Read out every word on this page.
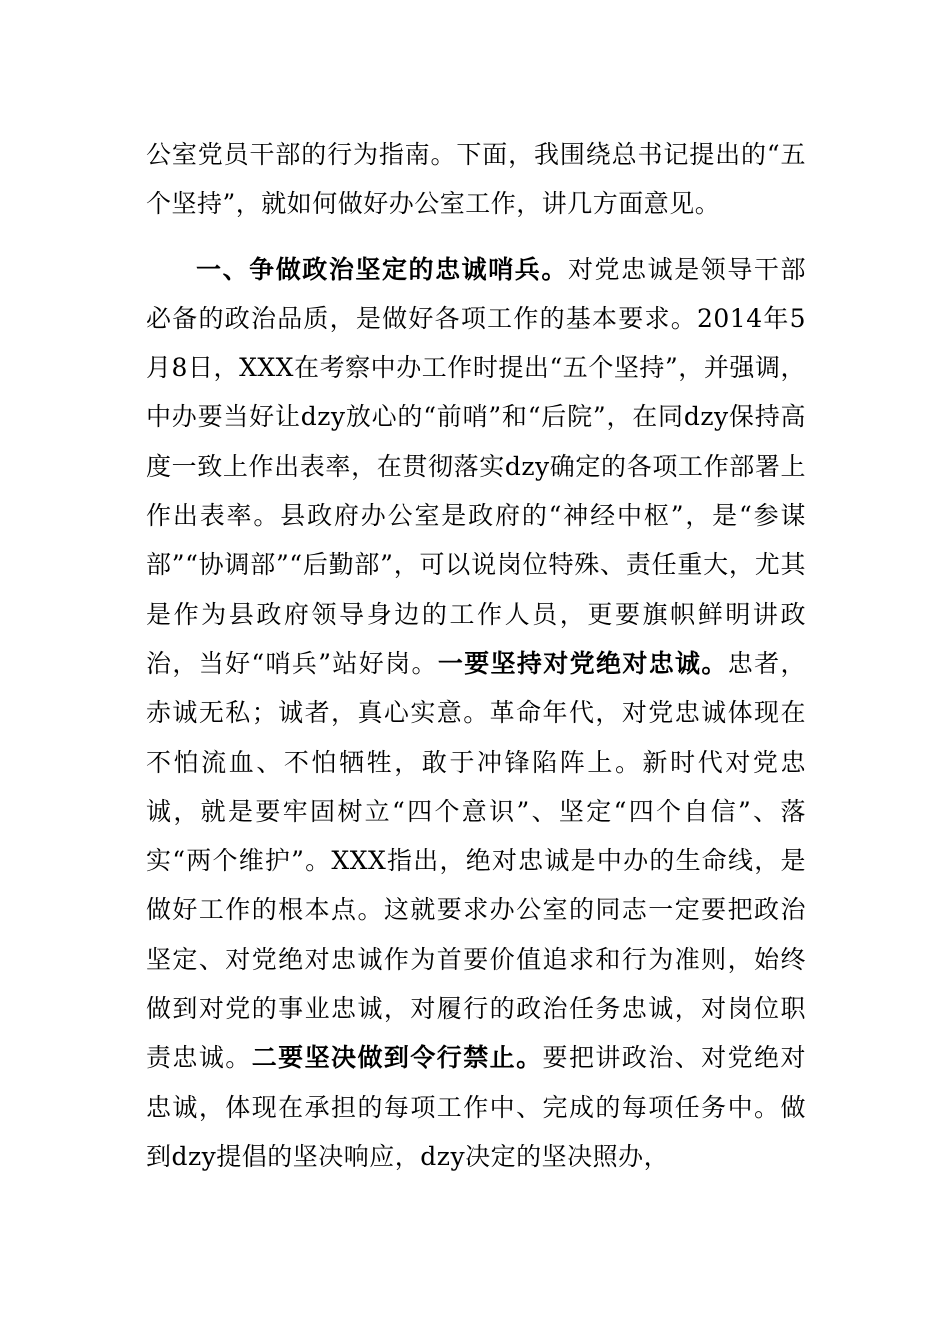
公室党员干部的行为指南。下面，我围绕总书记提出的“五个坚持”，就如何做好办公室工作，讲几方面意见。

一、争做政治坚定的忠诚哨兵。对党忠诚是领导干部必备的政治品质，是做好各项工作的基本要求。2014年5月8日，XXX在考察中办工作时提出“五个坚持”，并强调，中办要当好让dzy放心的“前哨”和“后院”，在同dzy保持高度一致上作出表率，在贯彻落实dzy确定的各项工作部署上作出表率。县政府办公室是政府的“神经中枢”，是“参谋部”“协调部”“后勤部”，可以说岗位特殊、责任重大，尤其是作为县政府领导身边的工作人员，更要旗帜鲜明讲政治，当好“哨兵”站好岗。一要坚持对党绝对忠诚。忠者，赤诚无私；诚者，真心实意。革命年代，对党忠诚体现在不怕流血、不怕牺牲，敢于冲锋陷阵上。新时代对党忠诚，就是要牢固树立“四个意识”、坚定“四个自信”、落实“两个维护”。XXX指出，绝对忠诚是中办的生命线，是做好工作的根本点。这就要求办公室的同志一定要把政治坚定、对党绝对忠诚作为首要价值追求和行为准则，始终做到对党的事业忠诚，对履行的政治任务忠诚，对岗位职责忠诚。二要坚决做到令行禁止。要把讲政治、对党绝对忠诚，体现在承担的每项工作中、完成的每项任务中。做到dzy提倡的坚决响应，dzy决定的坚决照办，
